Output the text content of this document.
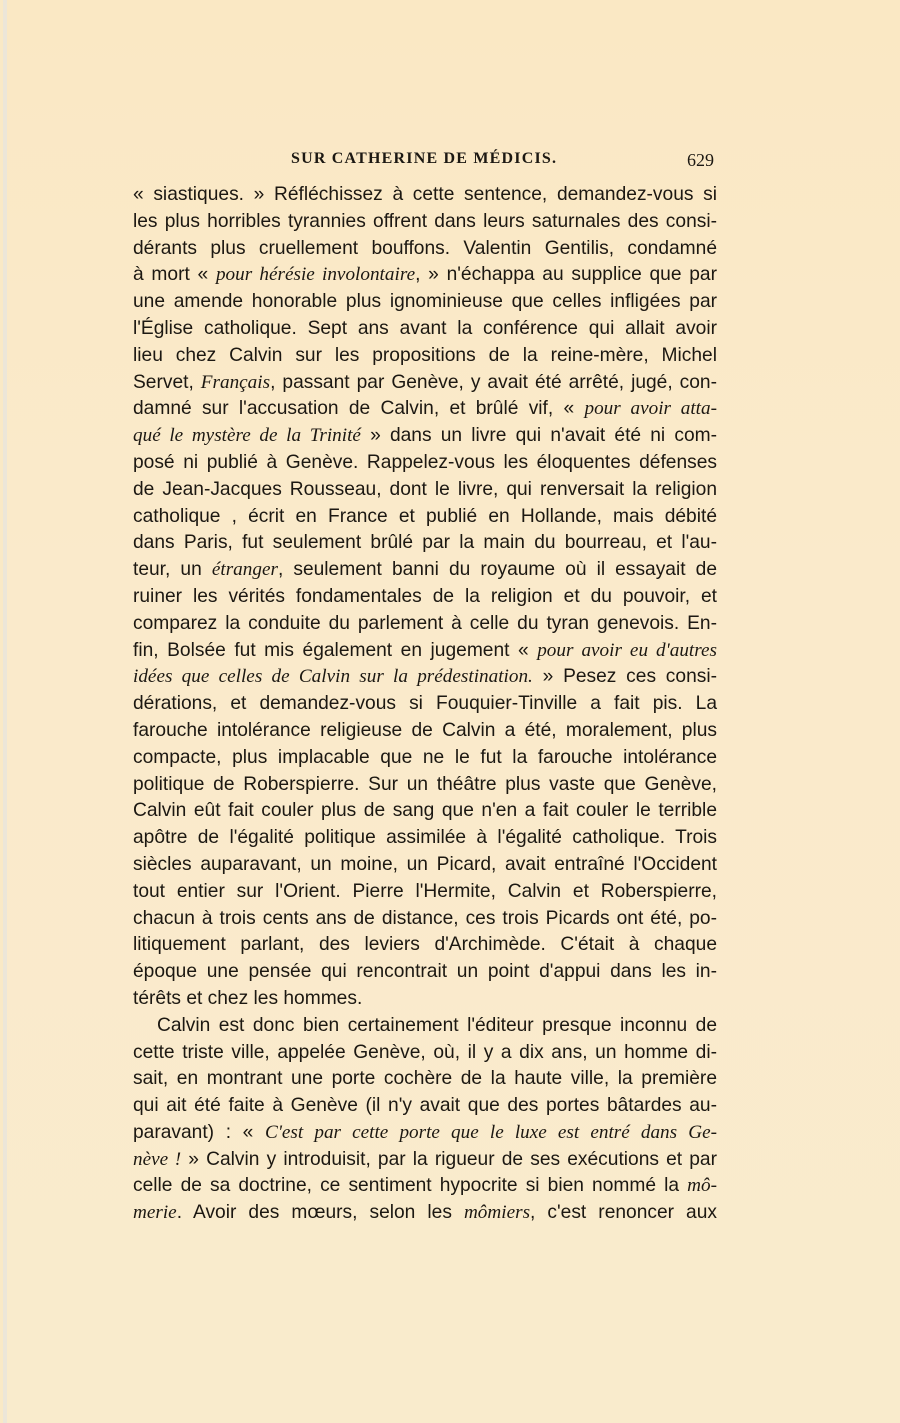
SUR CATHERINE DE MÉDICIS.	629
« siastiques. » Réfléchissez à cette sentence, demandez-vous si
les plus horribles tyrannies offrent dans leurs saturnales des consi-
dérants plus cruellement bouffons. Valentin Gentilis, condamné
à mort « pour hérésie involontaire, » n'échappa au supplice que par
une amende honorable plus ignominieuse que celles infligées par
l'Église catholique. Sept ans avant la conférence qui allait avoir
lieu chez Calvin sur les propositions de la reine-mère, Michel
Servet, Français, passant par Genève, y avait été arrêté, jugé, con-
damné sur l'accusation de Calvin, et brûlé vif, « pour avoir atta-
qué le mystère de la Trinité » dans un livre qui n'avait été ni com-
posé ni publié à Genève. Rappelez-vous les éloquentes défenses
de Jean-Jacques Rousseau, dont le livre, qui renversait la religion
catholique , écrit en France et publié en Hollande, mais débité
dans Paris, fut seulement brûlé par la main du bourreau, et l'au-
teur, un étranger, seulement banni du royaume où il essayait de
ruiner les vérités fondamentales de la religion et du pouvoir, et
comparez la conduite du parlement à celle du tyran genevois. En-
fin, Bolsée fut mis également en jugement « pour avoir eu d'autres
idées que celles de Calvin sur la prédestination. » Pesez ces consi-
dérations, et demandez-vous si Fouquier-Tinville a fait pis. La
farouche intolérance religieuse de Calvin a été, moralement, plus
compacte, plus implacable que ne le fut la farouche intolérance
politique de Roberspierre. Sur un théâtre plus vaste que Genève,
Calvin eût fait couler plus de sang que n'en a fait couler le terrible
apôtre de l'égalité politique assimilée à l'égalité catholique. Trois
siècles auparavant, un moine, un Picard, avait entraîné l'Occident
tout entier sur l'Orient. Pierre l'Hermite, Calvin et Roberspierre,
chacun à trois cents ans de distance, ces trois Picards ont été, po-
litiquement parlant, des leviers d'Archimède. C'était à chaque
époque une pensée qui rencontrait un point d'appui dans les in-
térêts et chez les hommes.
Calvin est donc bien certainement l'éditeur presque inconnu de
cette triste ville, appelée Genève, où, il y a dix ans, un homme di-
sait, en montrant une porte cochère de la haute ville, la première
qui ait été faite à Genève (il n'y avait que des portes bâtardes au-
paravant) : « C'est par cette porte que le luxe est entré dans Ge-
nève ! » Calvin y introduisit, par la rigueur de ses exécutions et par
celle de sa doctrine, ce sentiment hypocrite si bien nommé la mô-
merie. Avoir des mœurs, selon les mômiers, c'est renoncer aux
